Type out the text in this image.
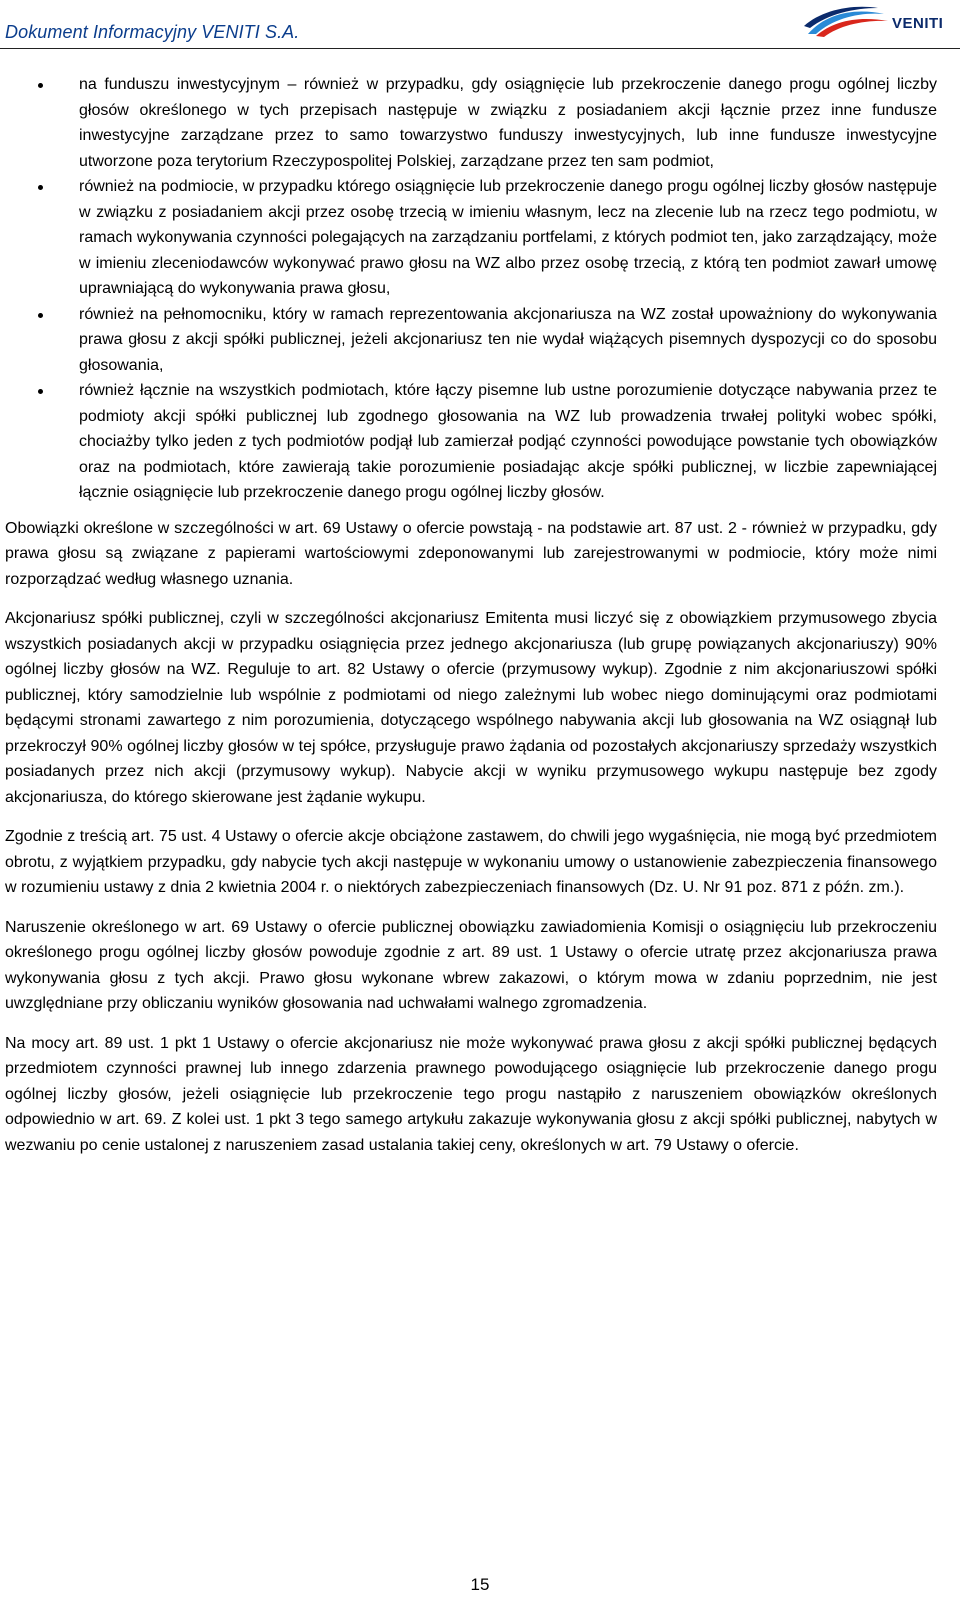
Dokument Informacyjny VENITI S.A.	VENITI
na funduszu inwestycyjnym – również w przypadku, gdy osiągnięcie lub przekroczenie danego progu ogólnej liczby głosów określonego w tych przepisach następuje w związku z posiadaniem akcji łącznie przez inne fundusze inwestycyjne zarządzane przez to samo towarzystwo funduszy inwestycyjnych, lub inne fundusze inwestycyjne utworzone poza terytorium Rzeczypospolitej Polskiej, zarządzane przez ten sam podmiot,
również na podmiocie, w przypadku którego osiągnięcie lub przekroczenie danego progu ogólnej liczby głosów następuje w związku z posiadaniem akcji przez osobę trzecią w imieniu własnym, lecz na zlecenie lub na rzecz tego podmiotu, w ramach wykonywania czynności polegających na zarządzaniu portfelami, z których podmiot ten, jako zarządzający, może w imieniu zleceniodawców wykonywać prawo głosu na WZ albo przez osobę trzecią, z którą ten podmiot zawarł umowę uprawniającą do wykonywania prawa głosu,
również na pełnomocniku, który w ramach reprezentowania akcjonariusza na WZ został upoważniony do wykonywania prawa głosu z akcji spółki publicznej, jeżeli akcjonariusz ten nie wydał wiążących pisemnych dyspozycji co do sposobu głosowania,
również łącznie na wszystkich podmiotach, które łączy pisemne lub ustne porozumienie dotyczące nabywania przez te podmioty akcji spółki publicznej lub zgodnego głosowania na WZ lub prowadzenia trwałej polityki wobec spółki, chociażby tylko jeden z tych podmiotów podjął lub zamierzał podjąć czynności powodujące powstanie tych obowiązków oraz na podmiotach, które zawierają takie porozumienie posiadając akcje spółki publicznej, w liczbie zapewniającej łącznie osiągnięcie lub przekroczenie danego progu ogólnej liczby głosów.

Obowiązki określone w szczególności w art. 69 Ustawy o ofercie powstają - na podstawie art. 87 ust. 2 - również w przypadku, gdy prawa głosu są związane z papierami wartościowymi zdeponowanymi lub zarejestrowanymi w podmiocie, który może nimi rozporządzać według własnego uznania.

Akcjonariusz spółki publicznej, czyli w szczególności akcjonariusz Emitenta musi liczyć się z obowiązkiem przymusowego zbycia wszystkich posiadanych akcji w przypadku osiągnięcia przez jednego akcjonariusza (lub grupę powiązanych akcjonariuszy) 90% ogólnej liczby głosów na WZ. Reguluje to art. 82 Ustawy o ofercie (przymusowy wykup). Zgodnie z nim akcjonariuszowi spółki publicznej, który samodzielnie lub wspólnie z podmiotami od niego zależnymi lub wobec niego dominującymi oraz podmiotami będącymi stronami zawartego z nim porozumienia, dotyczącego wspólnego nabywania akcji lub głosowania na WZ osiągnął lub przekroczył 90% ogólnej liczby głosów w tej spółce, przysługuje prawo żądania od pozostałych akcjonariuszy sprzedaży wszystkich posiadanych przez nich akcji (przymusowy wykup). Nabycie akcji w wyniku przymusowego wykupu następuje bez zgody akcjonariusza, do którego skierowane jest żądanie wykupu.

Zgodnie z treścią art. 75 ust. 4 Ustawy o ofercie akcje obciążone zastawem, do chwili jego wygaśnięcia, nie mogą być przedmiotem obrotu, z wyjątkiem przypadku, gdy nabycie tych akcji następuje w wykonaniu umowy o ustanowienie zabezpieczenia finansowego w rozumieniu ustawy z dnia 2 kwietnia 2004 r. o niektórych zabezpieczeniach finansowych (Dz. U. Nr 91 poz. 871 z późn. zm.).

Naruszenie określonego w art. 69 Ustawy o ofercie publicznej obowiązku zawiadomienia Komisji o osiągnięciu lub przekroczeniu określonego progu ogólnej liczby głosów powoduje zgodnie z art. 89 ust. 1 Ustawy o ofercie utratę przez akcjonariusza prawa wykonywania głosu z tych akcji. Prawo głosu wykonane wbrew zakazowi, o którym mowa w zdaniu poprzednim, nie jest uwzględniane przy obliczaniu wyników głosowania nad uchwałami walnego zgromadzenia.

Na mocy art. 89 ust. 1 pkt 1 Ustawy o ofercie akcjonariusz nie może wykonywać prawa głosu z akcji spółki publicznej będących przedmiotem czynności prawnej lub innego zdarzenia prawnego powodującego osiągnięcie lub przekroczenie danego progu ogólnej liczby głosów, jeżeli osiągnięcie lub przekroczenie tego progu nastąpiło z naruszeniem obowiązków określonych odpowiednio w art. 69. Z kolei ust. 1 pkt 3 tego samego artykułu zakazuje wykonywania głosu z akcji spółki publicznej, nabytych w wezwaniu po cenie ustalonej z naruszeniem zasad ustalania takiej ceny, określonych w art. 79 Ustawy o ofercie.

15
